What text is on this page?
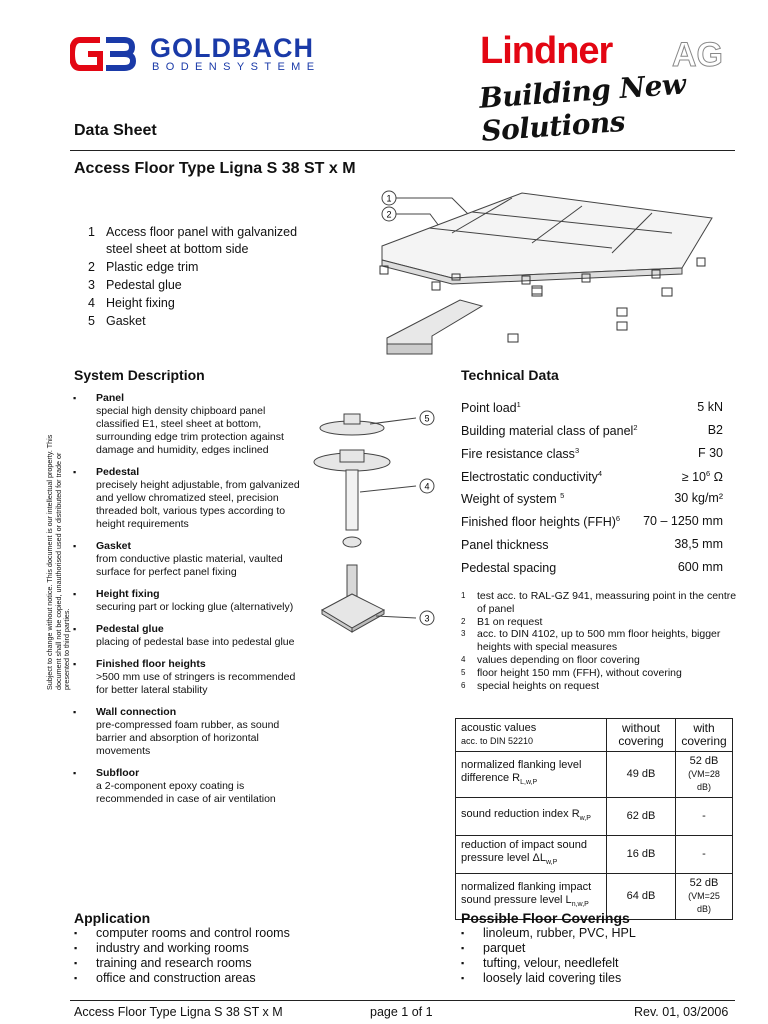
GOLDBACH
BODENSYSTEME	Lindner AG
Building New Solutions
Data Sheet
Access Floor Type Ligna S 38 ST x M
1 Access floor panel with galvanized steel sheet at bottom side
2 Plastic edge trim
3 Pedestal glue
4 Height fixing
5 Gasket
1
2
System Description
▪	Panel
special high density chipboard panel classified E1, steel sheet at bottom, surrounding edge trim protection against damage and humidity, edges inclined
▪	Pedestal
precisely height adjustable, from galvanized and yellow chromatized steel, precision threaded bolt, various types according to height requirements
▪	Gasket
from conductive plastic material, vaulted surface for perfect panel fixing
▪	Height fixing
securing part or locking glue (alternatively)
▪	Pedestal glue
placing of pedestal base into pedestal glue
▪	Finished floor heights
>500 mm use of stringers is recommended for better lateral stability
▪	Wall connection
pre-compressed foam rubber, as sound barrier and absorption of horizontal movements
▪	Subfloor
a 2-component epoxy coating is recommended in case of air ventilation
Subject to change without notice. This document is our intellectual property. This document shall not be copied, unauthorised used or distributed for trade or presented to third parties.
5
4
3
Technical Data
Point load$^1$	5 kN
Building material class of panel$^2$	B2
Fire resistance class$^3$	F 30
Electrostatic conductivity$^4$	≥ $10^6$ Ω
Weight of system $^5$	30 kg/m²
Finished floor heights (FFH)$^6$ 70 – 1250 mm
Panel thickness	38,5 mm
Pedestal spacing	600 mm
1	test acc. to RAL-GZ 941, meassuring point in the centre of panel
2	B1 on request
3	acc. to DIN 4102, up to 500 mm floor heights, bigger heights with special measures
4	values depending on floor covering
5	floor height 150 mm (FFH), without covering
6	special heights on request
acoustic values
acc. to DIN 52210	without covering	with covering
normalized flanking level difference $R_{L,w,P}$	49 dB	52 dB
(VM=28 dB)
sound reduction index $R_{w,P}$	62 dB	-
reduction of impact sound pressure level $\Delta L_{w,P}$	16 dB	-
normalized flanking impact sound pressure level $L_{n,w,P}$	64 dB	52 dB
(VM=25 dB)
Application
▪	computer rooms and control rooms
▪	industry and working rooms
▪	training and research rooms
▪	office and construction areas
Possible Floor Coverings
▪	linoleum, rubber, PVC, HPL
▪	parquet
▪	tufting, velour, needlefelt
▪	loosely laid covering tiles
Access Floor Type Ligna S 38 ST x M	page 1 of 1	Rev. 01, 03/2006
